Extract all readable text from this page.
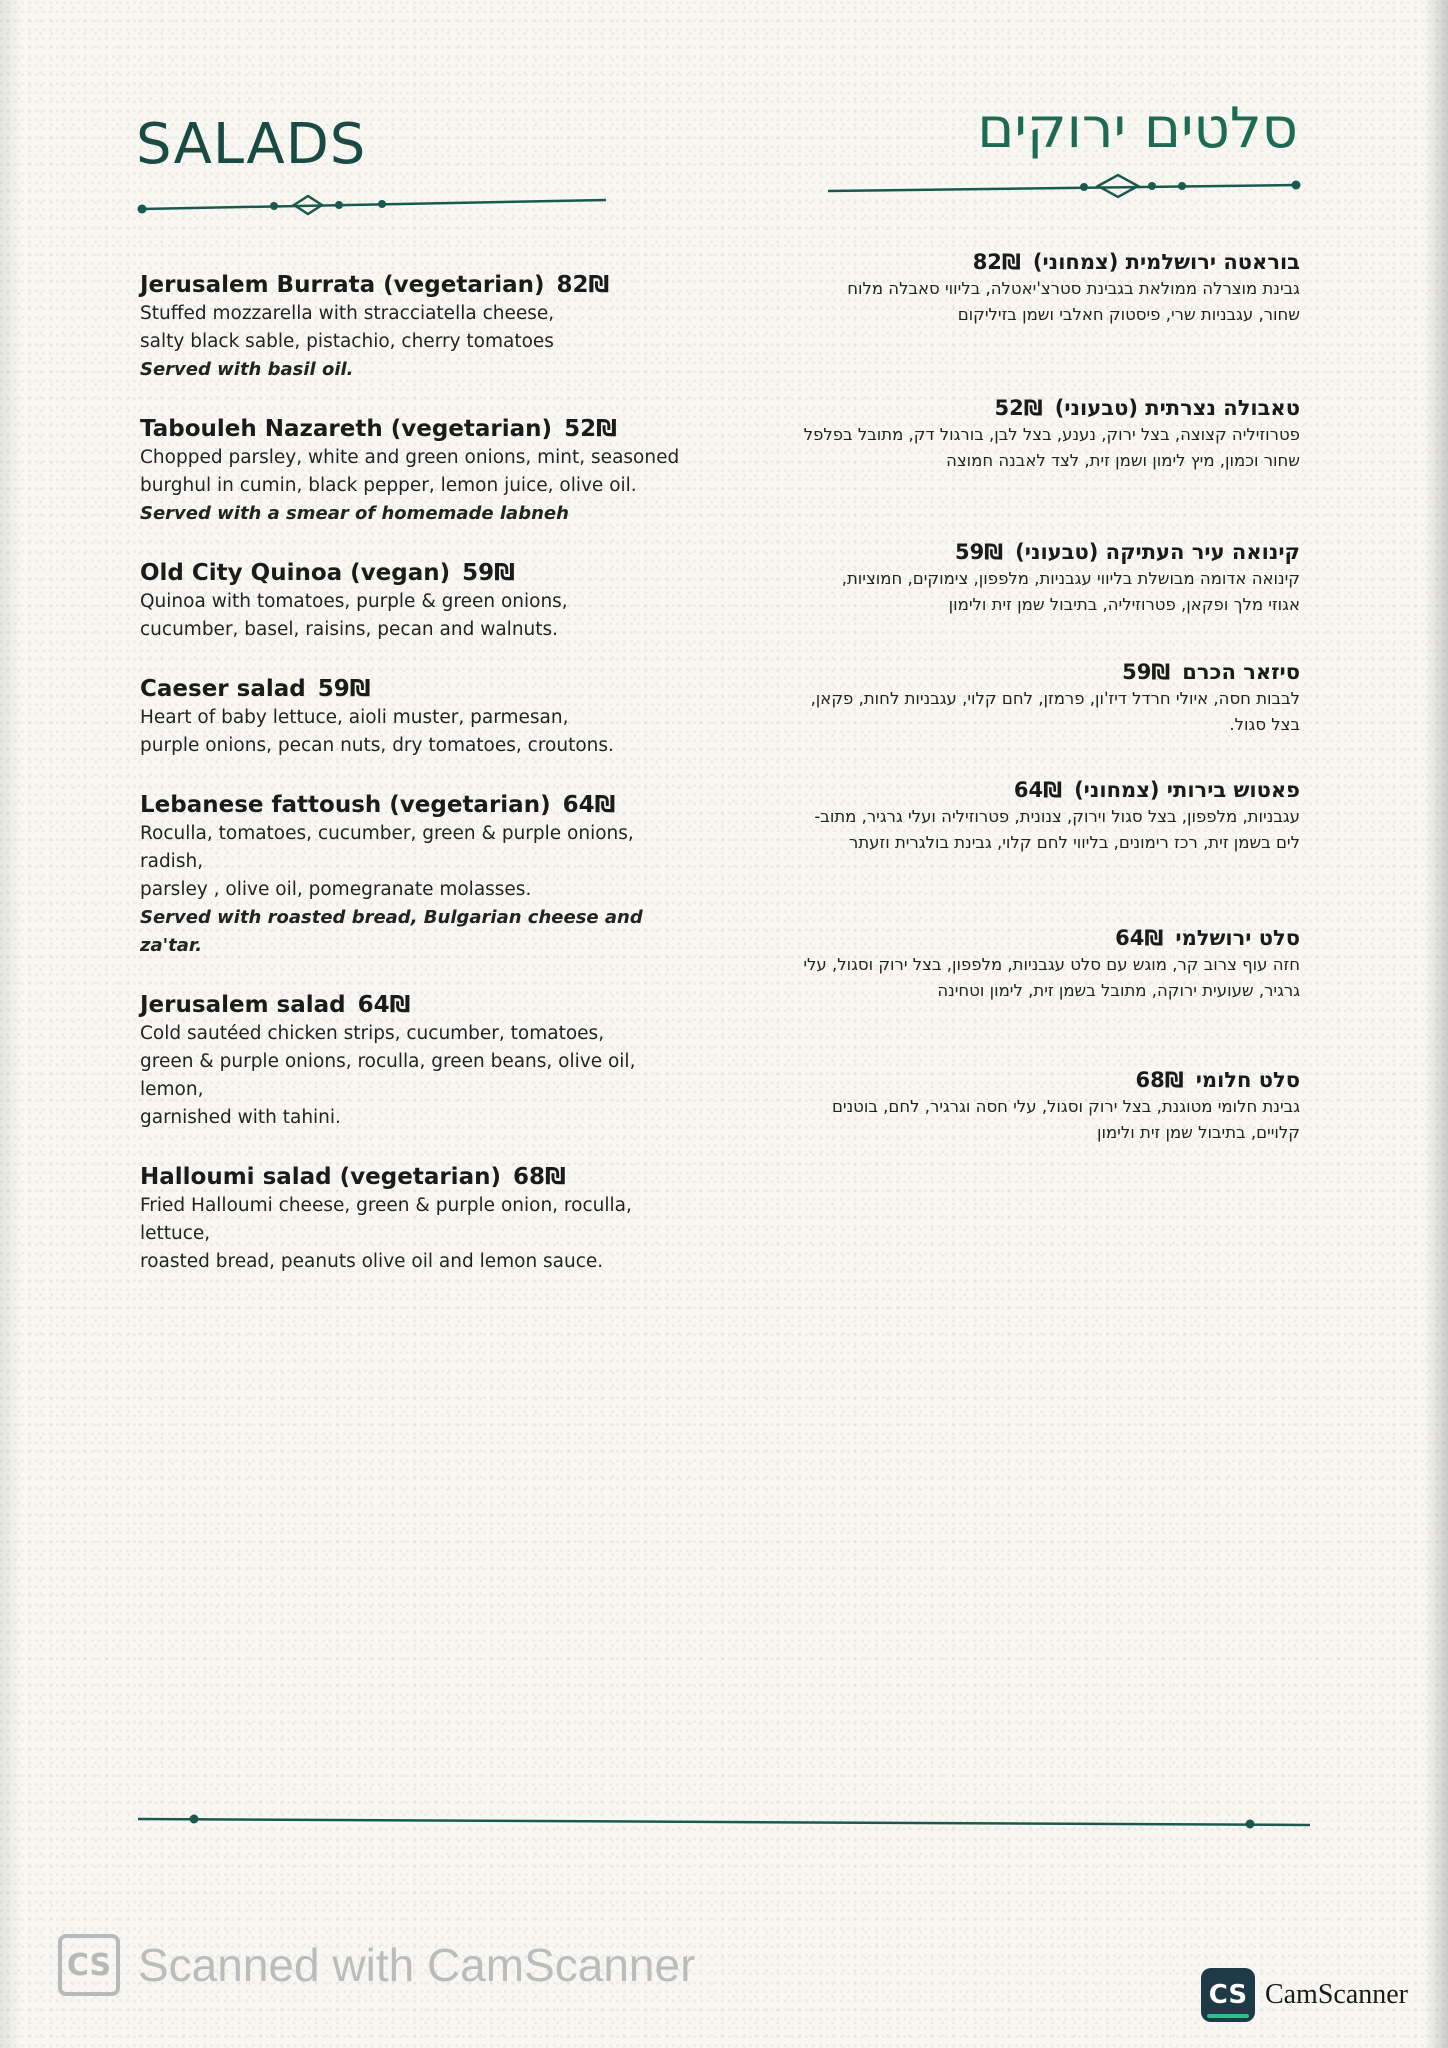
SALADS	סלטים ירוקים
Jerusalem Burrata (vegetarian) 82₪

Stuffed mozzarella with stracciatella cheese,

salty black sable, pistachio, cherry tomatoes

Served with basil oil.

Tabouleh Nazareth (vegetarian) 52₪

Chopped parsley, white and green onions, mint, seasoned

burghul in cumin, black pepper, lemon juice, olive oil.

Served with a smear of homemade labneh

Old City Quinoa (vegan) 59₪

Quinoa with tomatoes, purple & green onions,

cucumber, basel, raisins, pecan and walnuts.

Caeser salad 59₪

Heart of baby lettuce, aioli muster, parmesan,

purple onions, pecan nuts, dry tomatoes, croutons.

Lebanese fattoush (vegetarian) 64₪

Roculla, tomatoes, cucumber, green & purple onions, radish,

parsley , olive oil, pomegranate molasses.

Served with roasted bread, Bulgarian cheese and za'tar.

Jerusalem salad 64₪

Cold sautéed chicken strips, cucumber, tomatoes,

green & purple onions, roculla, green beans, olive oil, lemon,

garnished with tahini.

Halloumi salad (vegetarian) 68₪

Fried Halloumi cheese, green & purple onion, roculla, lettuce,

roasted bread, peanuts olive oil and lemon sauce.

בוראטה ירושלמית (צמחוני)82₪

גבינת מוצרלה ממולאת בגבינת סטרצ'יאטלה, בליווי סאבלה מלוח

שחור, עגבניות שרי, פיסטוק חאלבי ושמן בזיליקום

טאבולה נצרתית (טבעוני)52₪

פטרוזיליה קצוצה, בצל ירוק, נענע, בצל לבן, בורגול דק, מתובל בפלפל

שחור וכמון, מיץ לימון ושמן זית, לצד לאבנה חמוצה

קינואה עיר העתיקה (טבעוני)59₪

קינואה אדומה מבושלת בליווי עגבניות, מלפפון, צימוקים, חמוציות,

אגוזי מלך ופקאן, פטרוזיליה, בתיבול שמן זית ולימון

סיזאר הכרם59₪

לבבות חסה, איולי חרדל דיז'ון, פרמזן, לחם קלוי, עגבניות לחות, פקאן,

בצל סגול.

פאטוש בירותי (צמחוני)64₪

עגבניות, מלפפון, בצל סגול וירוק, צנונית, פטרוזיליה ועלי גרגיר, מתוב-

לים בשמן זית, רכז רימונים, בליווי לחם קלוי, גבינת בולגרית וזעתר

סלט ירושלמי64₪

חזה עוף צרוב קר, מוגש עם סלט עגבניות, מלפפון, בצל ירוק וסגול, עלי

גרגיר, שעועית ירוקה, מתובל בשמן זית, לימון וטחינה

סלט חלומי68₪

גבינת חלומי מטוגנת, בצל ירוק וסגול, עלי חסה וגרגיר, לחם, בוטנים

קלויים, בתיבול שמן זית ולימון

CS Scanned with CamScanner
CS CamScanner
